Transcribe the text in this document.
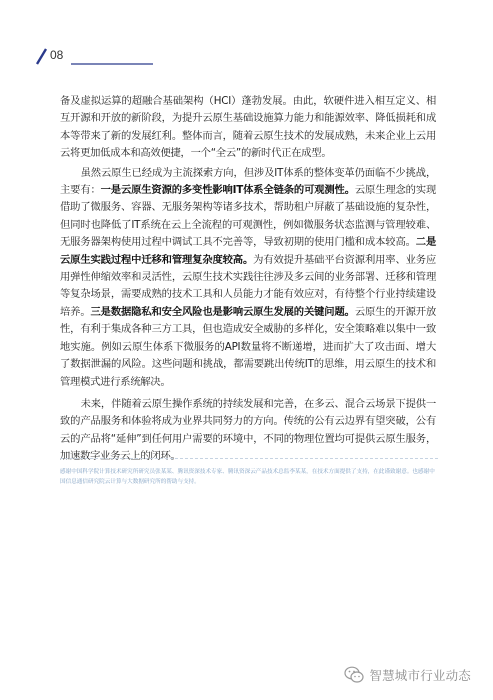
08

备及虚拟运算的超融合基础架构（HCI）蓬勃发展。由此，软硬件进入相互定义、相互开源和开放的新阶段，为提升云原生基础设施算力能力和能源效率、降低损耗和成本等带来了新的发展红利。整体而言，随着云原生技术的发展成熟，未来企业上云用云将更加低成本和高效便捷，一个“全云”的新时代正在成型。

虽然云原生已经成为主流探索方向，但涉及IT体系的整体变革仍面临不少挑战，主要有：一是云原生资源的多变性影响IT体系全链条的可观测性。云原生理念的实现借助了微服务、容器、无服务架构等诸多技术，帮助租户屏蔽了基础设施的复杂性，但同时也降低了IT系统在云上全流程的可观测性，例如微服务状态监测与管理较难、无服务器架构使用过程中调试工具不完善等，导致初期的使用门槛和成本较高。二是云原生实践过程中迁移和管理复杂度较高。为有效提升基础平台资源利用率、业务应用弹性伸缩效率和灵活性，云原生技术实践往往涉及多云间的业务部署、迁移和管理等复杂场景，需要成熟的技术工具和人员能力才能有效应对，有待整个行业持续建设培养。三是数据隐私和安全风险也是影响云原生发展的关键问题。云原生的开源开放性，有利于集成各种三方工具，但也造成安全威胁的多样化，安全策略难以集中一致地实施。例如云原生体系下微服务的API数量将不断递增，进而扩大了攻击面、增大了数据泄漏的风险。这些问题和挑战，都需要跳出传统IT的思维，用云原生的技术和管理模式进行系统解决。

未来，伴随着云原生操作系统的持续发展和完善，在多云、混合云场景下提供一致的产品服务和体验将成为业界共同努力的方向。传统的公有云边界有望突破，公有云的产品将“延伸”到任何用户需要的环境中，不同的物理位置均可提供云原生服务，加速数字业务云上的闭环。

感谢中国科学院计算技术研究所研究员张某某、腾讯资深技术专家、腾讯资深云产品技术总监李某某，在技术方面提供了支持，在此谨致谢意。也感谢中国信息通信研究院云计算与大数据研究所的帮助与支持。
智慧城市行业动态
